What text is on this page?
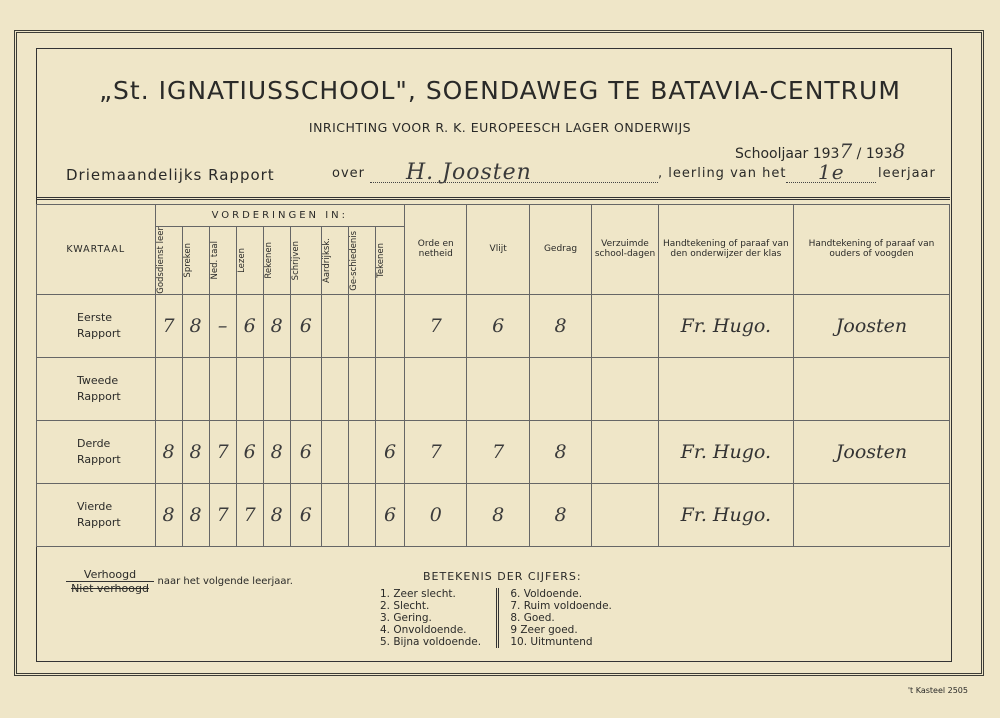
„St. IGNATIUSSCHOOL", SOENDAWEG TE BATAVIA-CENTRUM
INRICHTING VOOR R. K. EUROPEESCH LAGER ONDERWIJS
Schooljaar 1937 / 1938
Driemaandelijks Rapport	over H. Joosten	, leerling van het 1e	leerjaar
KWARTAAL	VORDERINGEN IN:									Orde en netheid	Vlijt	Gedrag	Verzuimde school-dagen	Handtekening of paraaf van den onderwijzer der klas	Handtekening of paraaf van ouders of voogden

	Godsdienst leer	Spreken	Ned. taal	Lezen	Rekenen	Schrijven	Aardrijksk.	Ge-schiedenis	Tekenen						

Eerste Rapport	7	8	–	6	8	6				7	6	8		Fr. Hugo.	Joosten
Tweede Rapport															
Derde Rapport	8	8	7	6	8	6			6	7	7	8		Fr. Hugo.	Joosten
Vierde Rapport	8	8	7	7	8	6			6	0	8	8		Fr. Hugo.	
Verhoogd
Niet verhoogd
naar het volgende leerjaar.	BETEKENIS DER CIJFERS:
1. Zeer slecht.
2. Slecht.
3. Gering.
4. Onvoldoende.
5. Bijna voldoende.

6. Voldoende.
7. Ruim voldoende.
8. Goed.
9 Zeer goed.
10. Uitmuntend
't Kasteel 2505
